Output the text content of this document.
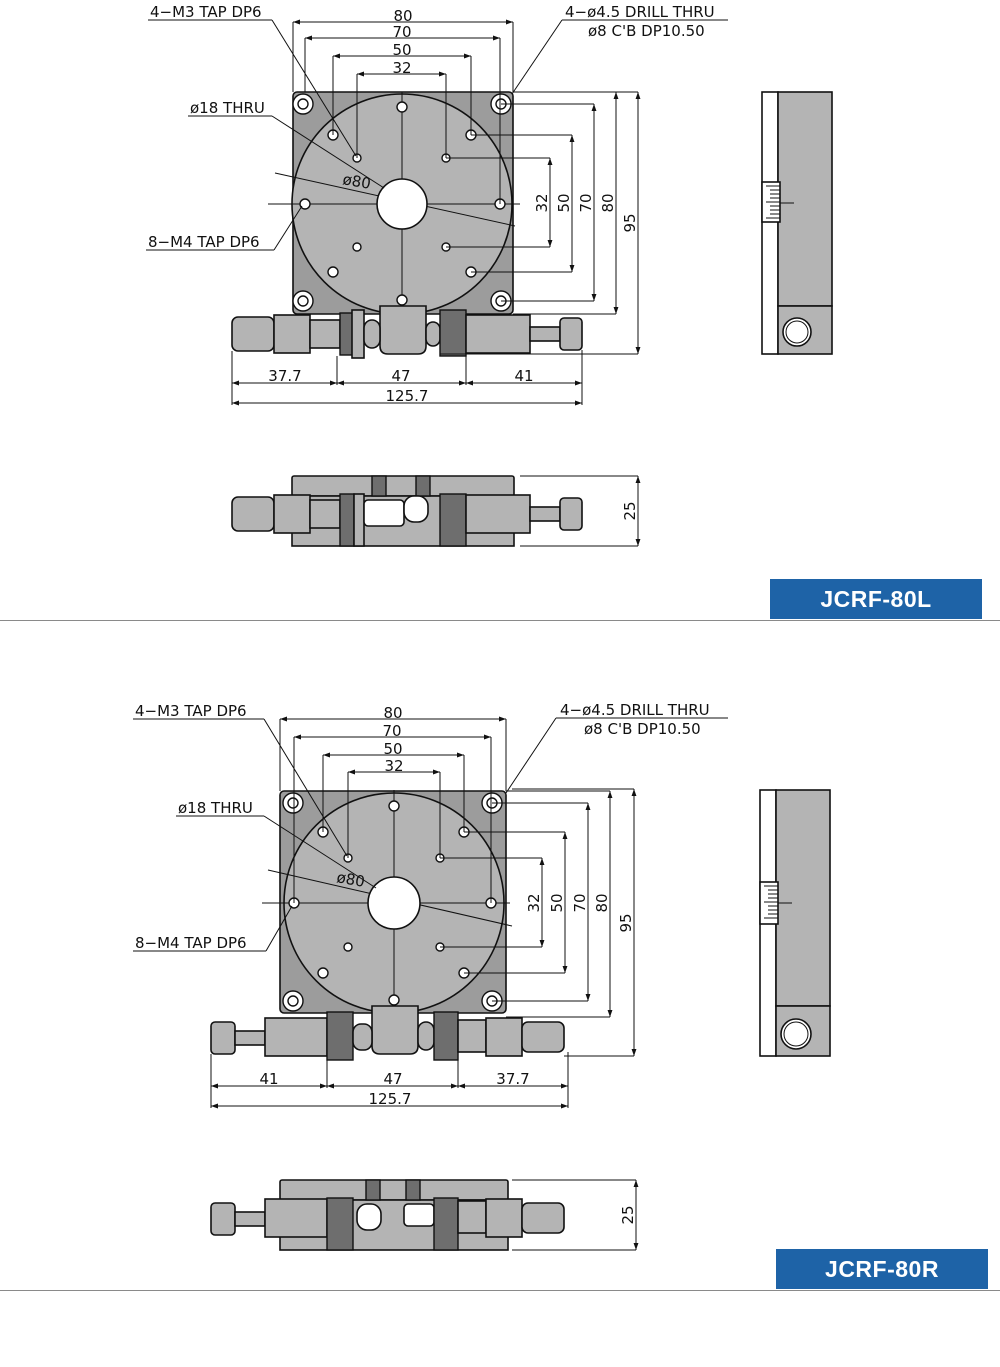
80
70
50
32
32 50 70 80
95
37.7	47	41
125.7
4−M3 TAP DP6	4−ø4.5 DRILL THRU
ø8 C'B DP10.50
ø18 THRU
8−M4 TAP DP6
ø80
25
80
70
50
32
32 50 70 80
95
41	47	37.7
125.7
4−M3 TAP DP6	4−ø4.5 DRILL THRU
ø8 C'B DP10.50
ø18 THRU
8−M4 TAP DP6
ø80
25
JCRF-80L
JCRF-80R
